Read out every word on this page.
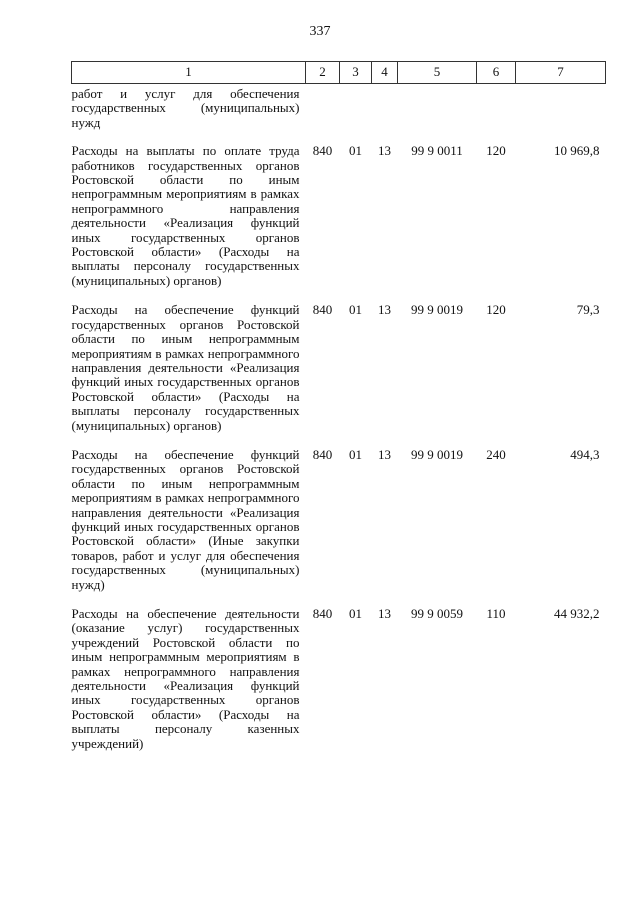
337
1	2	3	4	5	6	7
работ и услуг для обеспечения государственных (муниципальных) нужд						
Расходы на выплаты по оплате труда работников государственных органов Ростовской области по иным непрограммным мероприятиям в рамках непрограммного направления деятельности «Реализация функций иных государственных органов Ростовской области» (Расходы на выплаты персоналу государственных (муниципальных) органов)	840	01	13	99 9 0011	120	10 969,8
Расходы на обеспечение функций государственных органов Ростовской области по иным непрограммным мероприятиям в рамках непрограммного направления деятельности «Реализация функций иных государственных органов Ростовской области» (Расходы на выплаты персоналу государственных (муниципальных) органов)	840	01	13	99 9 0019	120	79,3
Расходы на обеспечение функций государственных органов Ростовской области по иным непрограммным мероприятиям в рамках непрограммного направления деятельности «Реализация функций иных государственных органов Ростовской области» (Иные закупки товаров, работ и услуг для обеспечения государственных (муниципальных) нужд)	840	01	13	99 9 0019	240	494,3
Расходы на обеспечение деятельности (оказание услуг) государственных учреждений Ростовской области по иным непрограммным мероприятиям в рамках непрограммного направления деятельности «Реализация функций иных государственных органов Ростовской области» (Расходы на выплаты персоналу казенных учреждений)	840	01	13	99 9 0059	110	44 932,2
